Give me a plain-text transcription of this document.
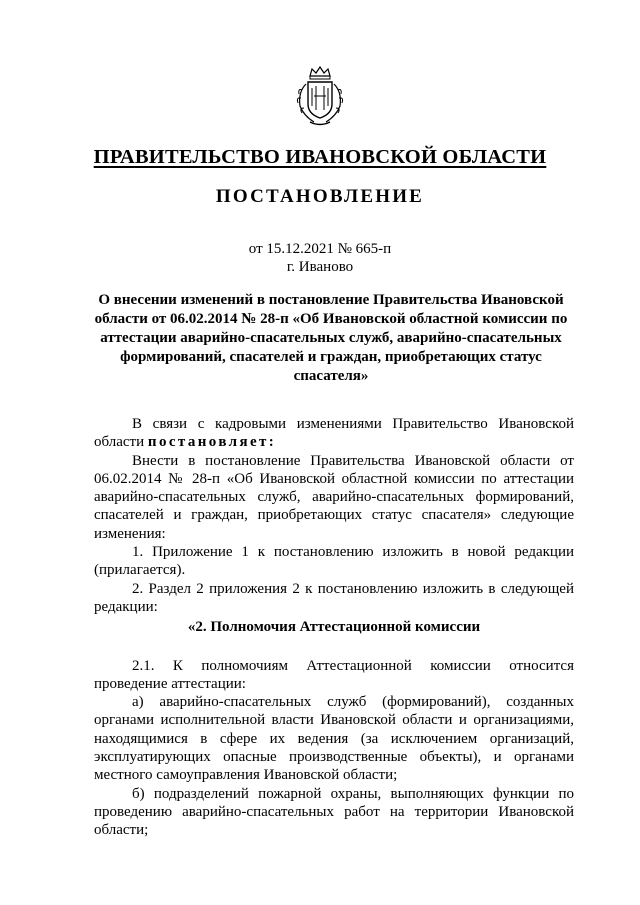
ПРАВИТЕЛЬСТВО ИВАНОВСКОЙ ОБЛАСТИ
ПОСТАНОВЛЕНИЕ
от 15.12.2021 № 665-п
г. Иваново
О внесении изменений в постановление Правительства Ивановской области от 06.02.2014 № 28-п «Об Ивановской областной комиссии по аттестации аварийно-спасательных служб, аварийно-спасательных формирований, спасателей и граждан, приобретающих статус спасателя»

В связи с кадровыми изменениями Правительство Ивановской области постановляет:

Внести в постановление Правительства Ивановской области от 06.02.2014 № 28-п «Об Ивановской областной комиссии по аттестации аварийно-спасательных служб, аварийно-спасательных формирований, спасателей и граждан, приобретающих статус спасателя» следующие изменения:

1. Приложение 1 к постановлению изложить в новой редакции (прилагается).

2. Раздел 2 приложения 2 к постановлению изложить в следующей редакции:

«2. Полномочия Аттестационной комиссии

2.1. К полномочиям Аттестационной комиссии относится проведение аттестации:

а) аварийно-спасательных служб (формирований), созданных органами исполнительной власти Ивановской области и организациями, находящимися в сфере их ведения (за исключением организаций, эксплуатирующих опасные производственные объекты), и органами местного самоуправления Ивановской области;

б) подразделений пожарной охраны, выполняющих функции по проведению аварийно-спасательных работ на территории Ивановской области;
